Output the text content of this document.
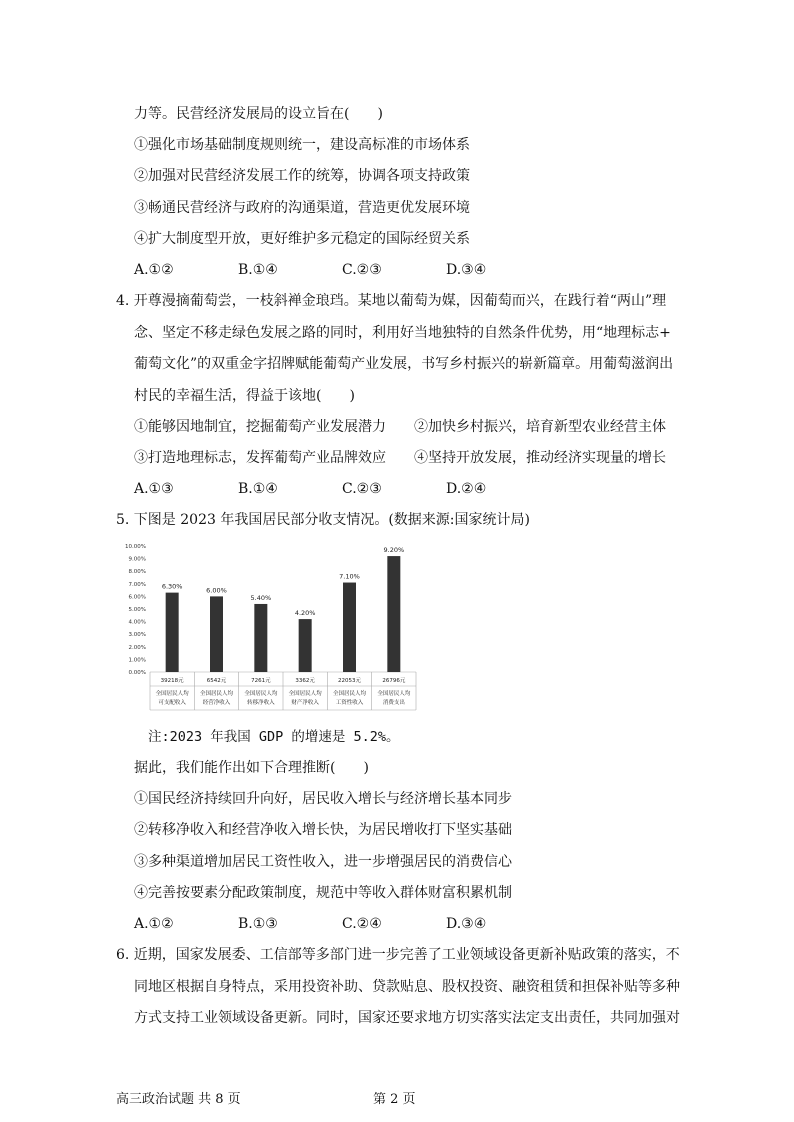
力等。民营经济发展局的设立旨在(　　)
①强化市场基础制度规则统一，建设高标准的市场体系
②加强对民营经济发展工作的统筹，协调各项支持政策
③畅通民营经济与政府的沟通渠道，营造更优发展环境
④扩大制度型开放，更好维护多元稳定的国际经贸关系
A.①②	B.①④	C.②③	D.③④
4. 开尊漫摘葡萄尝，一枝斜褝金琅珰。某地以葡萄为媒，因葡萄而兴，在践行着“两山”理
念、坚定不移走绿色发展之路的同时，利用好当地独特的自然条件优势，用“地理标志+
葡萄文化”的双重金字招牌赋能葡萄产业发展，书写乡村振兴的崭新篇章。用葡萄滋润出
村民的幸福生活，得益于该地(　　)
①能够因地制宜，挖掘葡萄产业发展潜力 ②加快乡村振兴，培育新型农业经营主体
③打造地理标志，发挥葡萄产业品牌效应 ④坚持开放发展，推动经济实现量的增长
A.①③	B.①④	C.②③	D.②④
5. 下图是 2023 年我国居民部分收支情况。(数据来源:国家统计局)
0.00%
1.00%
2.00%
3.00%
4.00%
5.00%
6.00%
7.00%
8.00%
9.00%
10.00%
6.30%
39218元
全国居民人均
可支配收入
6.00%
6542元
全国居民人均
经营净收入
5.40%
7261元
全国居民人均
转移净收入
4.20%
3362元
全国居民人均
财产净收入
7.10%
22053元
全国居民人均
工资性收入
9.20%
26796元
全国居民人均
消费支出
注:2023 年我国 GDP 的增速是 5.2%。
据此，我们能作出如下合理推断(　　)
①国民经济持续回升向好，居民收入增长与经济增长基本同步
②转移净收入和经营净收入增长快，为居民增收打下坚实基础
③多种渠道增加居民工资性收入，进一步增强居民的消费信心
④完善按要素分配政策制度，规范中等收入群体财富积累机制
A.①②	B.①③	C.②④	D.③④
6. 近期，国家发展委、工信部等多部门进一步完善了工业领域设备更新补贴政策的落实，不
同地区根据自身特点，采用投资补助、贷款贴息、股权投资、融资租赁和担保补贴等多种
方式支持工业领域设备更新。同时，国家还要求地方切实落实法定支出责任，共同加强对
高三政治试题 共 8 页	第 2 页
